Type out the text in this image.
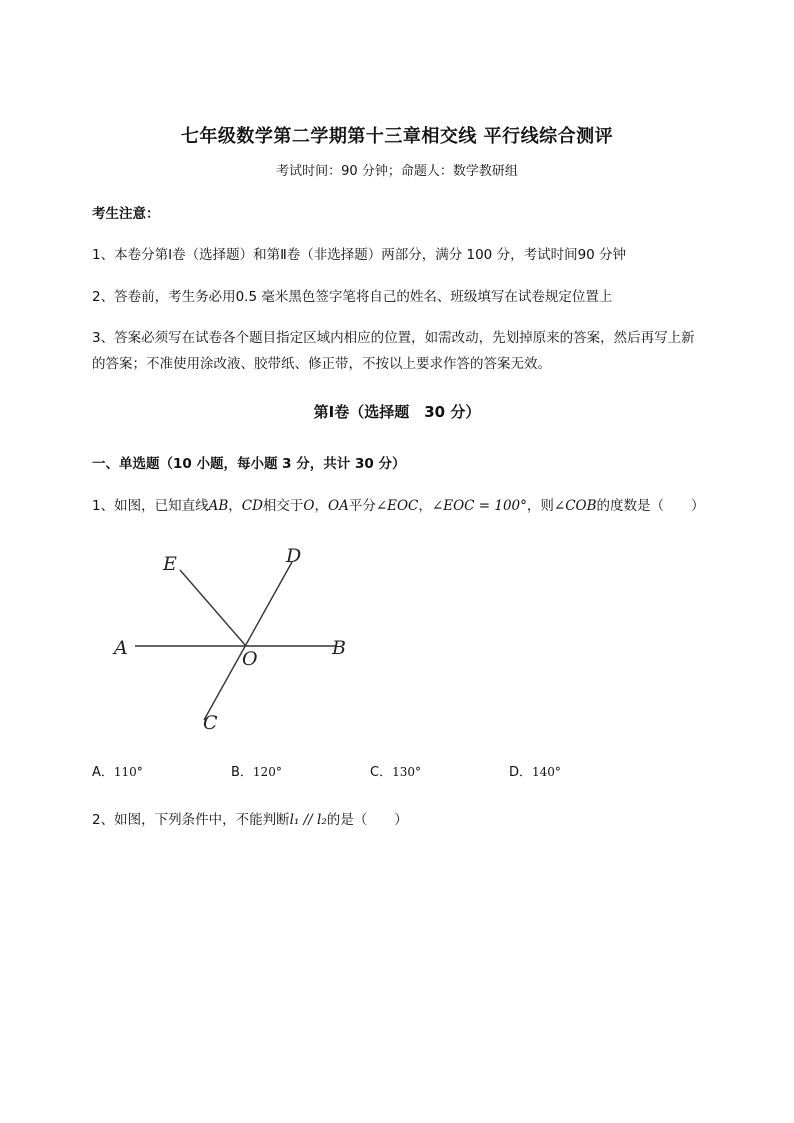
七年级数学第二学期第十三章相交线 平行线综合测评
考试时间：90 分钟；命题人：数学教研组
考生注意：
1、本卷分第Ⅰ卷（选择题）和第Ⅱ卷（非选择题）两部分，满分 100 分，考试时间90 分钟
2、答卷前，考生务必用0.5 毫米黑色签字笔将自己的姓名、班级填写在试卷规定位置上
3、答案必须写在试卷各个题目指定区域内相应的位置，如需改动，先划掉原来的答案，然后再写上新
的答案；不准使用涂改液、胶带纸、修正带，不按以上要求作答的答案无效。
第Ⅰ卷（选择题　30 分）
一、单选题（10 小题，每小题 3 分，共计 30 分）
1、如图，已知直线AB，CD相交于O，OA平分∠EOC，∠EOC = 100°，则∠COB的度数是（　　）
A	B
C
D
E
O
A．110°	B．120°	C．130°	D．140°
2、如图，下列条件中，不能判断l₁ // l₂的是（　　）
